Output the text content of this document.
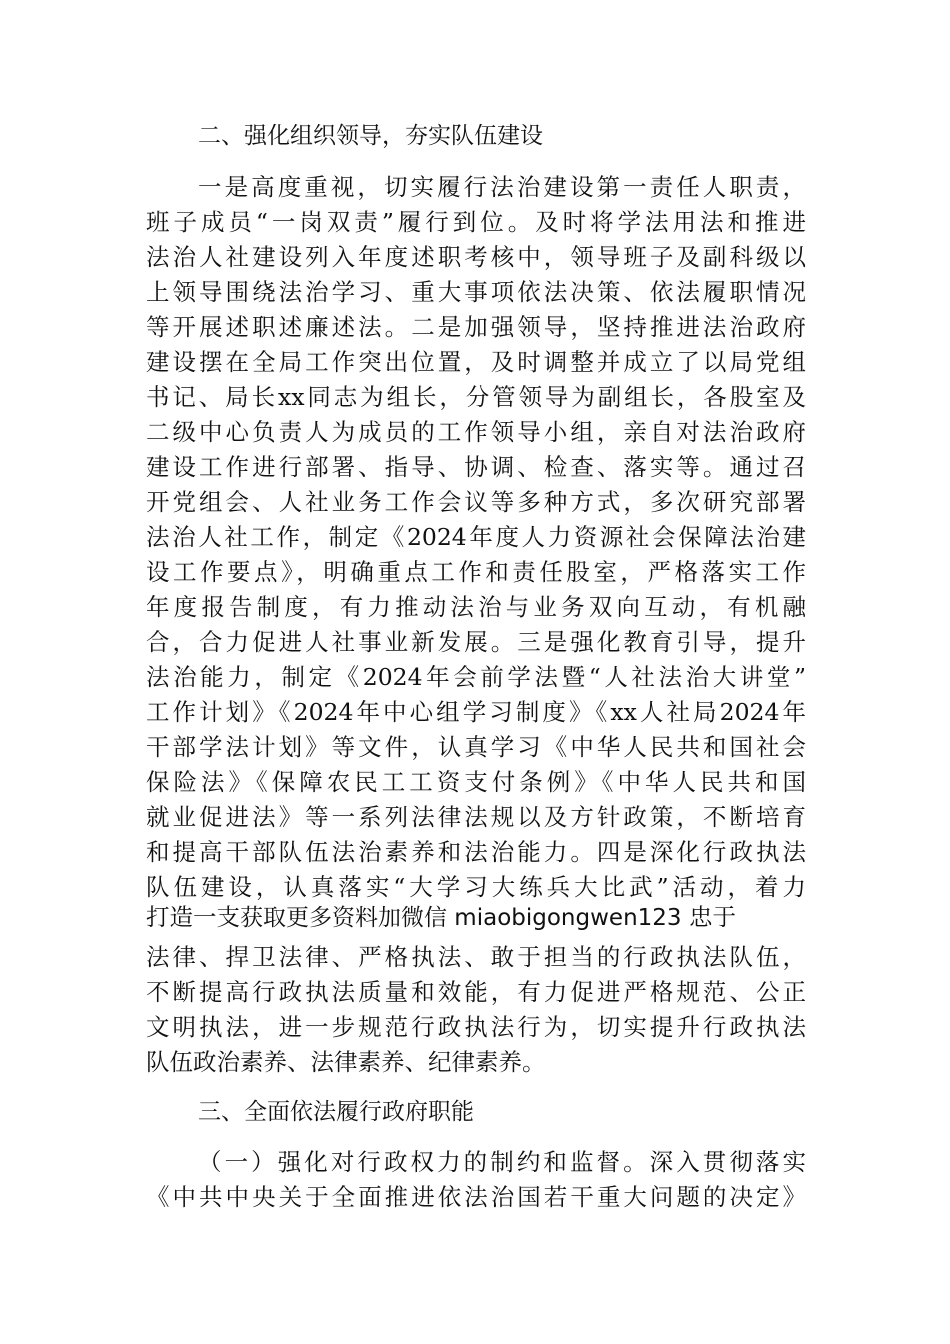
二、强化组织领导，夯实队伍建设
一是高度重视，切实履行法治建设第一责任人职责，
班子成员“一岗双责”履行到位。及时将学法用法和推进
法治人社建设列入年度述职考核中，领导班子及副科级以
上领导围绕法治学习、重大事项依法决策、依法履职情况
等开展述职述廉述法。二是加强领导，坚持推进法治政府
建设摆在全局工作突出位置，及时调整并成立了以局党组
书记、局长xx同志为组长，分管领导为副组长，各股室及
二级中心负责人为成员的工作领导小组，亲自对法治政府
建设工作进行部署、指导、协调、检查、落实等。通过召
开党组会、人社业务工作会议等多种方式，多次研究部署
法治人社工作，制定《2024年度人力资源社会保障法治建
设工作要点》，明确重点工作和责任股室，严格落实工作
年度报告制度，有力推动法治与业务双向互动，有机融
合，合力促进人社事业新发展。三是强化教育引导，提升
法治能力，制定《2024年会前学法暨“人社法治大讲堂”
工作计划》《2024年中心组学习制度》《xx人社局2024年
干部学法计划》等文件，认真学习《中华人民共和国社会
保险法》《保障农民工工资支付条例》《中华人民共和国
就业促进法》等一系列法律法规以及方针政策，不断培育
和提高干部队伍法治素养和法治能力。四是深化行政执法
队伍建设，认真落实“大学习大练兵大比武”活动，着力
打造一支获取更多资料加微信 miaobigongwen123 忠于
法律、捍卫法律、严格执法、敢于担当的行政执法队伍，
不断提高行政执法质量和效能，有力促进严格规范、公正
文明执法，进一步规范行政执法行为，切实提升行政执法
队伍政治素养、法律素养、纪律素养。
三、全面依法履行政府职能
（一）强化对行政权力的制约和监督。深入贯彻落实
《中共中央关于全面推进依法治国若干重大问题的决定》
